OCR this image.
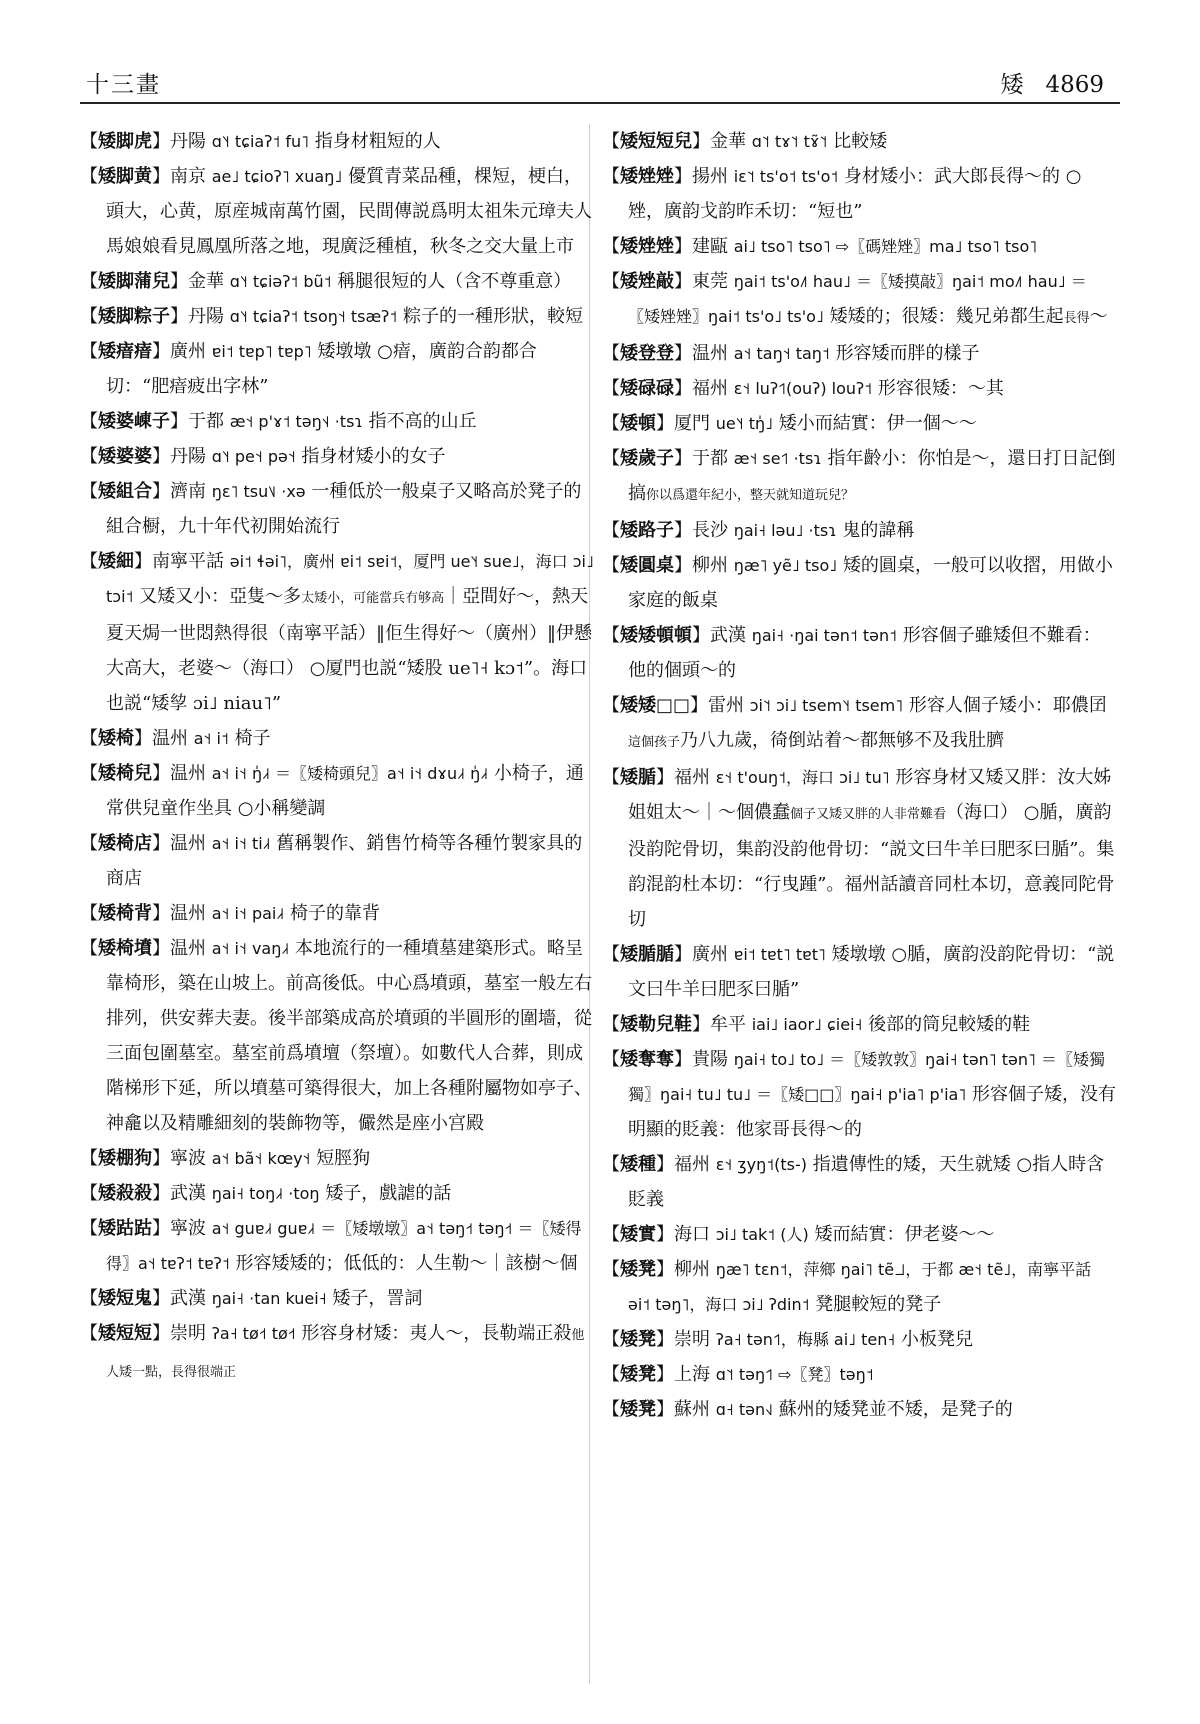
十三畫	矮 4869
【矮脚虎】丹陽 ɑ˥˧ tɕiaʔ˦ fu˥ 指身材粗短的人
【矮脚黄】南京 ae˩ tɕioʔ˥ xuaŋ˩ 優質青菜品種，棵短，梗白，頭大，心黄，原産城南萬竹園，民間傳説爲明太祖朱元璋夫人馬娘娘看見鳳凰所落之地，現廣泛種植，秋冬之交大量上市
【矮脚蒲兒】金華 ɑ˥˧ tɕiəʔ˦ bũ˦ 稱腿很短的人（含不尊重意）
【矮脚粽子】丹陽 ɑ˥˧ tɕiaʔ˦ tsoŋ˦˧ tsæʔ˦ 粽子的一種形狀，較短
【矮瘖瘖】廣州 ɐi˦ tɐp˥ tɐp˥ 矮墩墩 ○瘖，廣韵合韵都合切：“肥瘖疲出字林”
【矮婆崠子】于都 æ˦˧ p'ɤ˦ təŋ˦˨ ·tsɿ 指不高的山丘
【矮婆婆】丹陽 ɑ˥˧ pe˦˧ pə˦˧ 指身材矮小的女子
【矮組合】濟南 ŋɛ˥ tsu˥˩ ·xə 一種低於一般桌子又略高於凳子的組合橱，九十年代初開始流行
【矮細】南寧平話 əi˦ ɬəi˥，廣州 ɐi˦ sɐi˦，厦門 ue˥˧ sue˩，海口 ɔi˩ tɔi˦ 又矮又小：亞隻～多太矮小，可能當兵冇够高｜亞間好～，熱天夏天焗一世悶熱得很（南寧平話）‖佢生得好～（廣州）‖伊懸大高大，老婆～（海口） ○厦門也説“矮股 ue˥˧ kɔ˦”。海口也説“矮孧 ɔi˩ niau˥”
【矮椅】温州 a˦˧ i˦ 椅子
【矮椅兒】温州 a˦˧ i˦˧ ŋ̍˩˧ ＝〖矮椅頭兒〗a˦˧ i˦˧ dɤu˩˧ ŋ̍˩˧ 小椅子，通常供兒童作坐具 ○小稱變調
【矮椅店】温州 a˦˧ i˦˧ ti˩˧ 舊稱製作、銷售竹椅等各種竹製家具的商店
【矮椅背】温州 a˦˧ i˦˧ pai˩˧ 椅子的靠背
【矮椅墳】温州 a˦˧ i˦˧ vaŋ˩˧ 本地流行的一種墳墓建築形式。略呈靠椅形，築在山坡上。前高後低。中心爲墳頭，墓室一般左右排列，供安葬夫妻。後半部築成高於墳頭的半圓形的圍墻，從三面包圍墓室。墓室前爲墳壇（祭壇）。如數代人合葬，則成階梯形下延，所以墳墓可築得很大，加上各種附屬物如亭子、神龕以及精雕細刻的裝飾物等，儼然是座小宫殿
【矮棚狗】寧波 a˦˧ bã˦˧ kœy˦˧ 短脛狗
【矮殺殺】武漢 ŋai˧ toŋ˩˧ ·toŋ 矮子，戲謔的話
【矮跍跍】寧波 a˦˧ guɐ˩˧ guɐ˩˧ ＝〖矮墩墩〗a˦˧ təŋ˧˦ təŋ˧˦ ＝〖矮得得〗a˦˧ tɐʔ˦ tɐʔ˦ 形容矮矮的；低低的：人生勒～｜該樹～個
【矮短鬼】武漢 ŋai˧ ·tan kuei˧ 矮子，詈詞
【矮短短】崇明 ʔa˧ tø˧˦ tø˧˦ 形容身材矮：夷人～，長勒端正殺他人矮一點，長得很端正
【矮短短兒】金華 ɑ˥˦ tɤ˥˦ tɤ̃˥˦ 比較矮
【矮矬矬】揚州 iɛ˥˦ ts'o˦ ts'o˦ 身材矮小：武大郎長得～的 ○矬，廣韵戈韵昨禾切：“短也”
【矮矬矬】建甌 ai˩ tso˥ tso˥ ⇨〖碼矬矬〗ma˩ tso˥ tso˥
【矮矬敲】東莞 ŋai˦ ts'o˩˥ hau˩ ＝〖矮摸敲〗ŋai˦ mo˩˥ hau˩ ＝〖矮矬矬〗ŋai˦ ts'o˩ ts'o˩ 矮矮的；很矮：幾兄弟都生起長得～
【矮登登】温州 a˦˧ taŋ˦˧ taŋ˦ 形容矮而胖的樣子
【矮碌碌】福州 ɛ˦˧ luʔ˦˥(ouʔ) louʔ˦ 形容很矮：～其
【矮頓】厦門 ue˥˧ tŋ̍˩ 矮小而結實：伊一個～～
【矮歲子】于都 æ˦˧ se˦˥ ·tsɿ 指年齡小：你怕是～，還日打日記倒搞你以爲還年紀小，整天就知道玩兒？
【矮路子】長沙 ŋai˧ ləu˩ ·tsɿ 鬼的諱稱
【矮圓桌】柳州 ŋæ˥ yẽ˩ tso˩ 矮的圓桌，一般可以收摺，用做小家庭的飯桌
【矮矮頓頓】武漢 ŋai˧ ·ŋai tən˦ tən˦ 形容個子雖矮但不難看：他的個頭～的
【矮矮□□】雷州 ɔi˥˦ ɔi˩ tsem˥˧ tsem˥ 形容人個子矮小：耶儂囝這個孩子乃八九歲，徛倒站着～都無够不及我肚臍
【矮腯】福州 ɛ˦˧ t'ouŋ˦，海口 ɔi˩ tu˥ 形容身材又矮又胖：汝大姊姐姐太～｜～個儂蠢個子又矮又胖的人非常難看（海口） ○腯，廣韵没韵陀骨切，集韵没韵他骨切：“説文曰牛羊曰肥豕曰腯”。集韵混韵杜本切：“行曳踵”。福州話讀音同杜本切，意義同陀骨切
【矮腯腯】廣州 ɐi˦ tɐt˥ tɐt˥ 矮墩墩 ○腯，廣韵没韵陀骨切：“説文曰牛羊曰肥豕曰腯”
【矮勒兒鞋】牟平 iai˩ iaor˩ ɕiei˧ 後部的筒兒較矮的鞋
【矮奪奪】貴陽 ŋai˧ to˩ to˩ ＝〖矮敦敦〗ŋai˧ tən˥ tən˥ ＝〖矮獨獨〗ŋai˧ tu˩ tu˩ ＝〖矮□□〗ŋai˧ p'ia˥ p'ia˥ 形容個子矮，没有明顯的貶義：他家哥長得～的
【矮種】福州 ɛ˦˧ ʒyŋ˦(ts-) 指遺傳性的矮，天生就矮 ○指人時含貶義
【矮實】海口 ɔi˩ tak˦ (人) 矮而結實：伊老婆～～
【矮凳】柳州 ŋæ˥ tɛn˦，萍鄉 ŋai˥ tẽ˩˩，于都 æ˦˧ tẽ˩，南寧平話 əi˦ təŋ˥，海口 ɔi˩ ʔdin˦ 凳腿較短的凳子
【矮凳】崇明 ʔa˧ tən˦˥，梅縣 ai˩ ten˧ 小板凳兒
【矮凳】上海 ɑ˥˦ təŋ˦˥ ⇨〖凳〗təŋ˦
【矮凳】蘇州 ɑ˧ tən˧˩ 蘇州的矮凳並不矮，是凳子的
